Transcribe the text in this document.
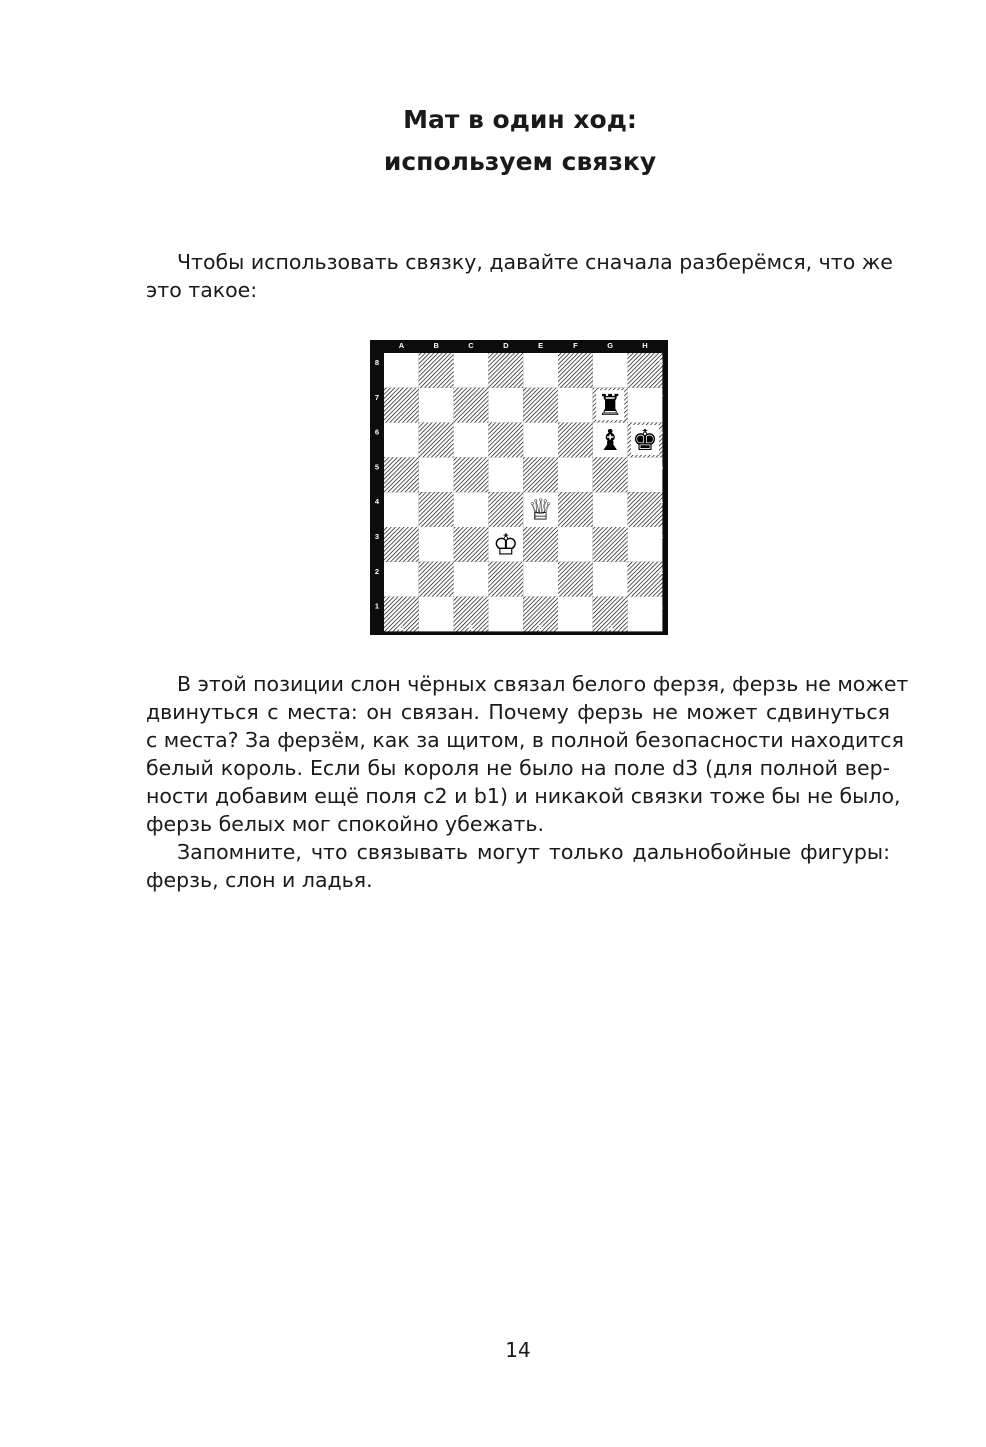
Мат в один ход:
используем связку

Чтобы использовать связку, давайте сначала разберёмся, что же
это такое:

A
A
B
B
C
C
D
D
E
E
F
F
G
G
H
H
8	8
7	7
6	6
5	5
4	4
3	3
2	2
1	1
♜
♝ ♚
♕
♔

В этой позиции слон чёрных связал белого ферзя, ферзь не может
двинуться с места: он связан. Почему ферзь не может сдвинуться
с места? За ферзём, как за щитом, в полной безопасности находится
белый король. Если бы короля не было на поле d3 (для полной вер-
ности добавим ещё поля c2 и b1) и никакой связки тоже бы не было,
ферзь белых мог спокойно убежать.

Запомните, что связывать могут только дальнобойные фигуры:
ферзь, слон и ладья.

14
